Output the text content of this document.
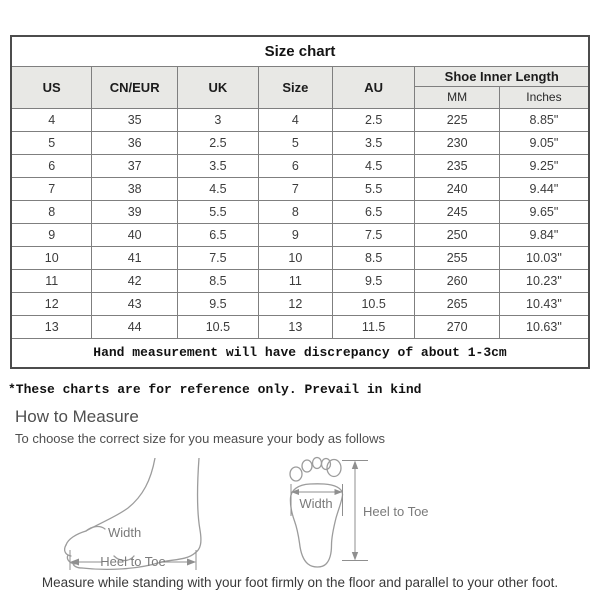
Size chart						
US	CN/EUR	UK	Size	AU	Shoe Inner Length	
					MM	Inches
4	35	3	4	2.5	225	8.85"
5	36	2.5	5	3.5	230	9.05"
6	37	3.5	6	4.5	235	9.25"
7	38	4.5	7	5.5	240	9.44"
8	39	5.5	8	6.5	245	9.65"
9	40	6.5	9	7.5	250	9.84"
10	41	7.5	10	8.5	255	10.03"
11	42	8.5	11	9.5	260	10.23"
12	43	9.5	12	10.5	265	10.43"
13	44	10.5	13	11.5	270	10.63"
Hand measurement will have discrepancy of about 1-3cm						

*These charts are for reference only. Prevail in kind

How to Measure

To choose the correct size for you measure your body as follows

Width
Heel to Toe
Width
Heel to Toe

Measure while standing with your foot firmly on the floor and parallel to your other foot.
